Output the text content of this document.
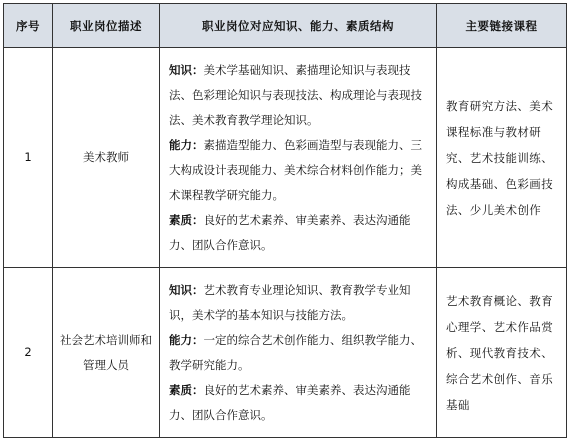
序号	职业岗位描述	职业岗位对应知识、能力、素质结构	主要链接课程
1	美术教师	知识：美术学基础知识、素描理论知识与表现技法、色彩理论知识与表现技法、构成理论与表现技法、美术教育教学理论知识。

能力：素描造型能力、色彩画造型与表现能力、三大构成设计表现能力、美术综合材料创作能力；美术课程教学研究能力。

素质：良好的艺术素养、审美素养、表达沟通能力、团队合作意识。	教育研究方法、美术课程标准与教材研究、艺术技能训练、构成基础、色彩画技法、少儿美术创作
2	社会艺术培训师和管理人员	知识：艺术教育专业理论知识、教育教学专业知识，美术学的基本知识与技能方法。

能力：一定的综合艺术创作能力、组织教学能力、教学研究能力。

素质：良好的艺术素养、审美素养、表达沟通能力、团队合作意识。	艺术教育概论、教育心理学、艺术作品赏析、现代教育技术、综合艺术创作、音乐基础
